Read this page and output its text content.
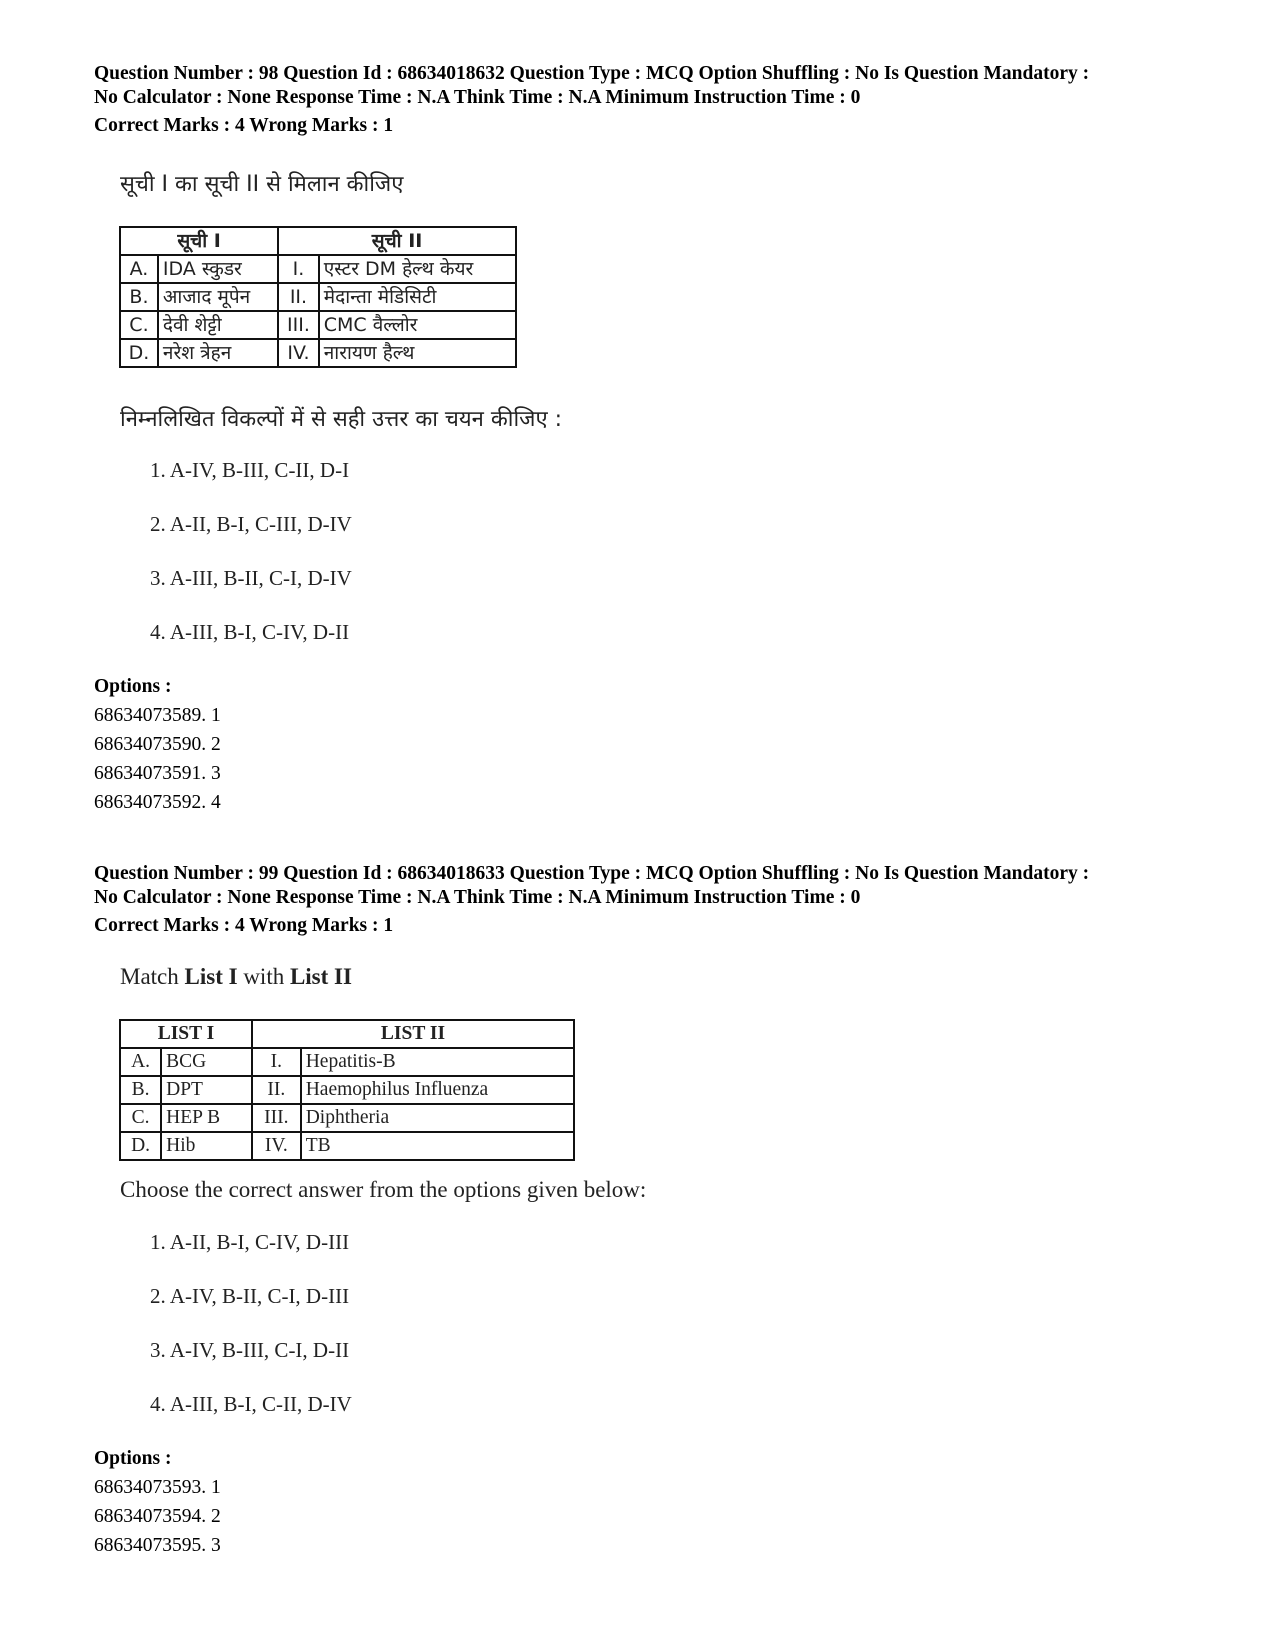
Question Number : 98 Question Id : 68634018632 Question Type : MCQ Option Shuffling : No Is Question Mandatory :
No Calculator : None Response Time : N.A Think Time : N.A Minimum Instruction Time : 0
Correct Marks : 4 Wrong Marks : 1
सूची I का सूची II से मिलान कीजिए
सूची I		सूची II	
A.	IDA स्कुडर	I.	एस्टर DM हेल्थ केयर
B.	आजाद मूपेन	II.	मेदान्ता मेडिसिटी
C.	देवी शेट्टी	III.	CMC वैल्लोर
D.	नरेश त्रेहन	IV.	नारायण हैल्थ
निम्नलिखित विकल्पों में से सही उत्तर का चयन कीजिए :
1. A-IV, B-III, C-II, D-I
2. A-II, B-I, C-III, D-IV
3. A-III, B-II, C-I, D-IV
4. A-III, B-I, C-IV, D-II
Options :
68634073589. 1
68634073590. 2
68634073591. 3
68634073592. 4
Question Number : 99 Question Id : 68634018633 Question Type : MCQ Option Shuffling : No Is Question Mandatory :
No Calculator : None Response Time : N.A Think Time : N.A Minimum Instruction Time : 0
Correct Marks : 4 Wrong Marks : 1
Match List I with List II
LIST I		LIST II	
A.	BCG	I.	Hepatitis-B
B.	DPT	II.	Haemophilus Influenza
C.	HEP B	III.	Diphtheria
D.	Hib	IV.	TB
Choose the correct answer from the options given below:
1. A-II, B-I, C-IV, D-III
2. A-IV, B-II, C-I, D-III
3. A-IV, B-III, C-I, D-II
4. A-III, B-I, C-II, D-IV
Options :
68634073593. 1
68634073594. 2
68634073595. 3
